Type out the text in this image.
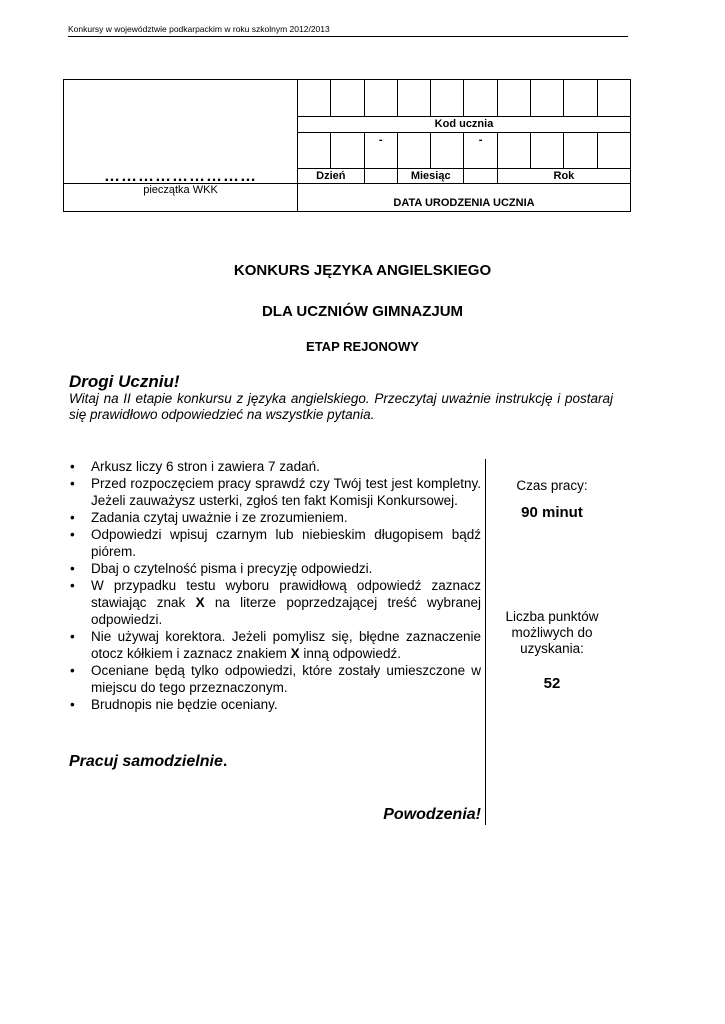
Konkursy w województwie podkarpackim w roku szkolnym 2012/2013
………………………										

	Kod ucznia									
			-			-				
	Dzień			Miesiąc			Rok			
pieczątka WKK	DATA URODZENIA UCZNIA									
KONKURS JĘZYKA ANGIELSKIEGO
DLA UCZNIÓW GIMNAZJUM
ETAP REJONOWY
Drogi Uczniu!
Witaj na II etapie konkursu z języka angielskiego. Przeczytaj uważnie instrukcję i postaraj się prawidłowo odpowiedzieć na wszystkie pytania.
• Arkusz liczy 6 stron i zawiera 7 zadań.
• Przed rozpoczęciem pracy sprawdź czy Twój test jest kompletny. Jeżeli zauważysz usterki, zgłoś ten fakt Komisji Konkursowej.
• Zadania czytaj uważnie i ze zrozumieniem.
• Odpowiedzi wpisuj czarnym lub niebieskim długopisem bądź piórem.
• Dbaj o czytelność pisma i precyzję odpowiedzi.
• W przypadku testu wyboru prawidłową odpowiedź zaznacz stawiając znak X na literze poprzedzającej treść wybranej odpowiedzi.
• Nie używaj korektora. Jeżeli pomylisz się, błędne zaznaczenie otocz kółkiem i zaznacz znakiem X inną odpowiedź.
• Oceniane będą tylko odpowiedzi, które zostały umieszczone w miejscu do tego przeznaczonym.
• Brudnopis nie będzie oceniany.
Czas pracy:
90 minut
Liczba punktów możliwych do uzyskania:
52
Pracuj samodzielnie.
Powodzenia!
